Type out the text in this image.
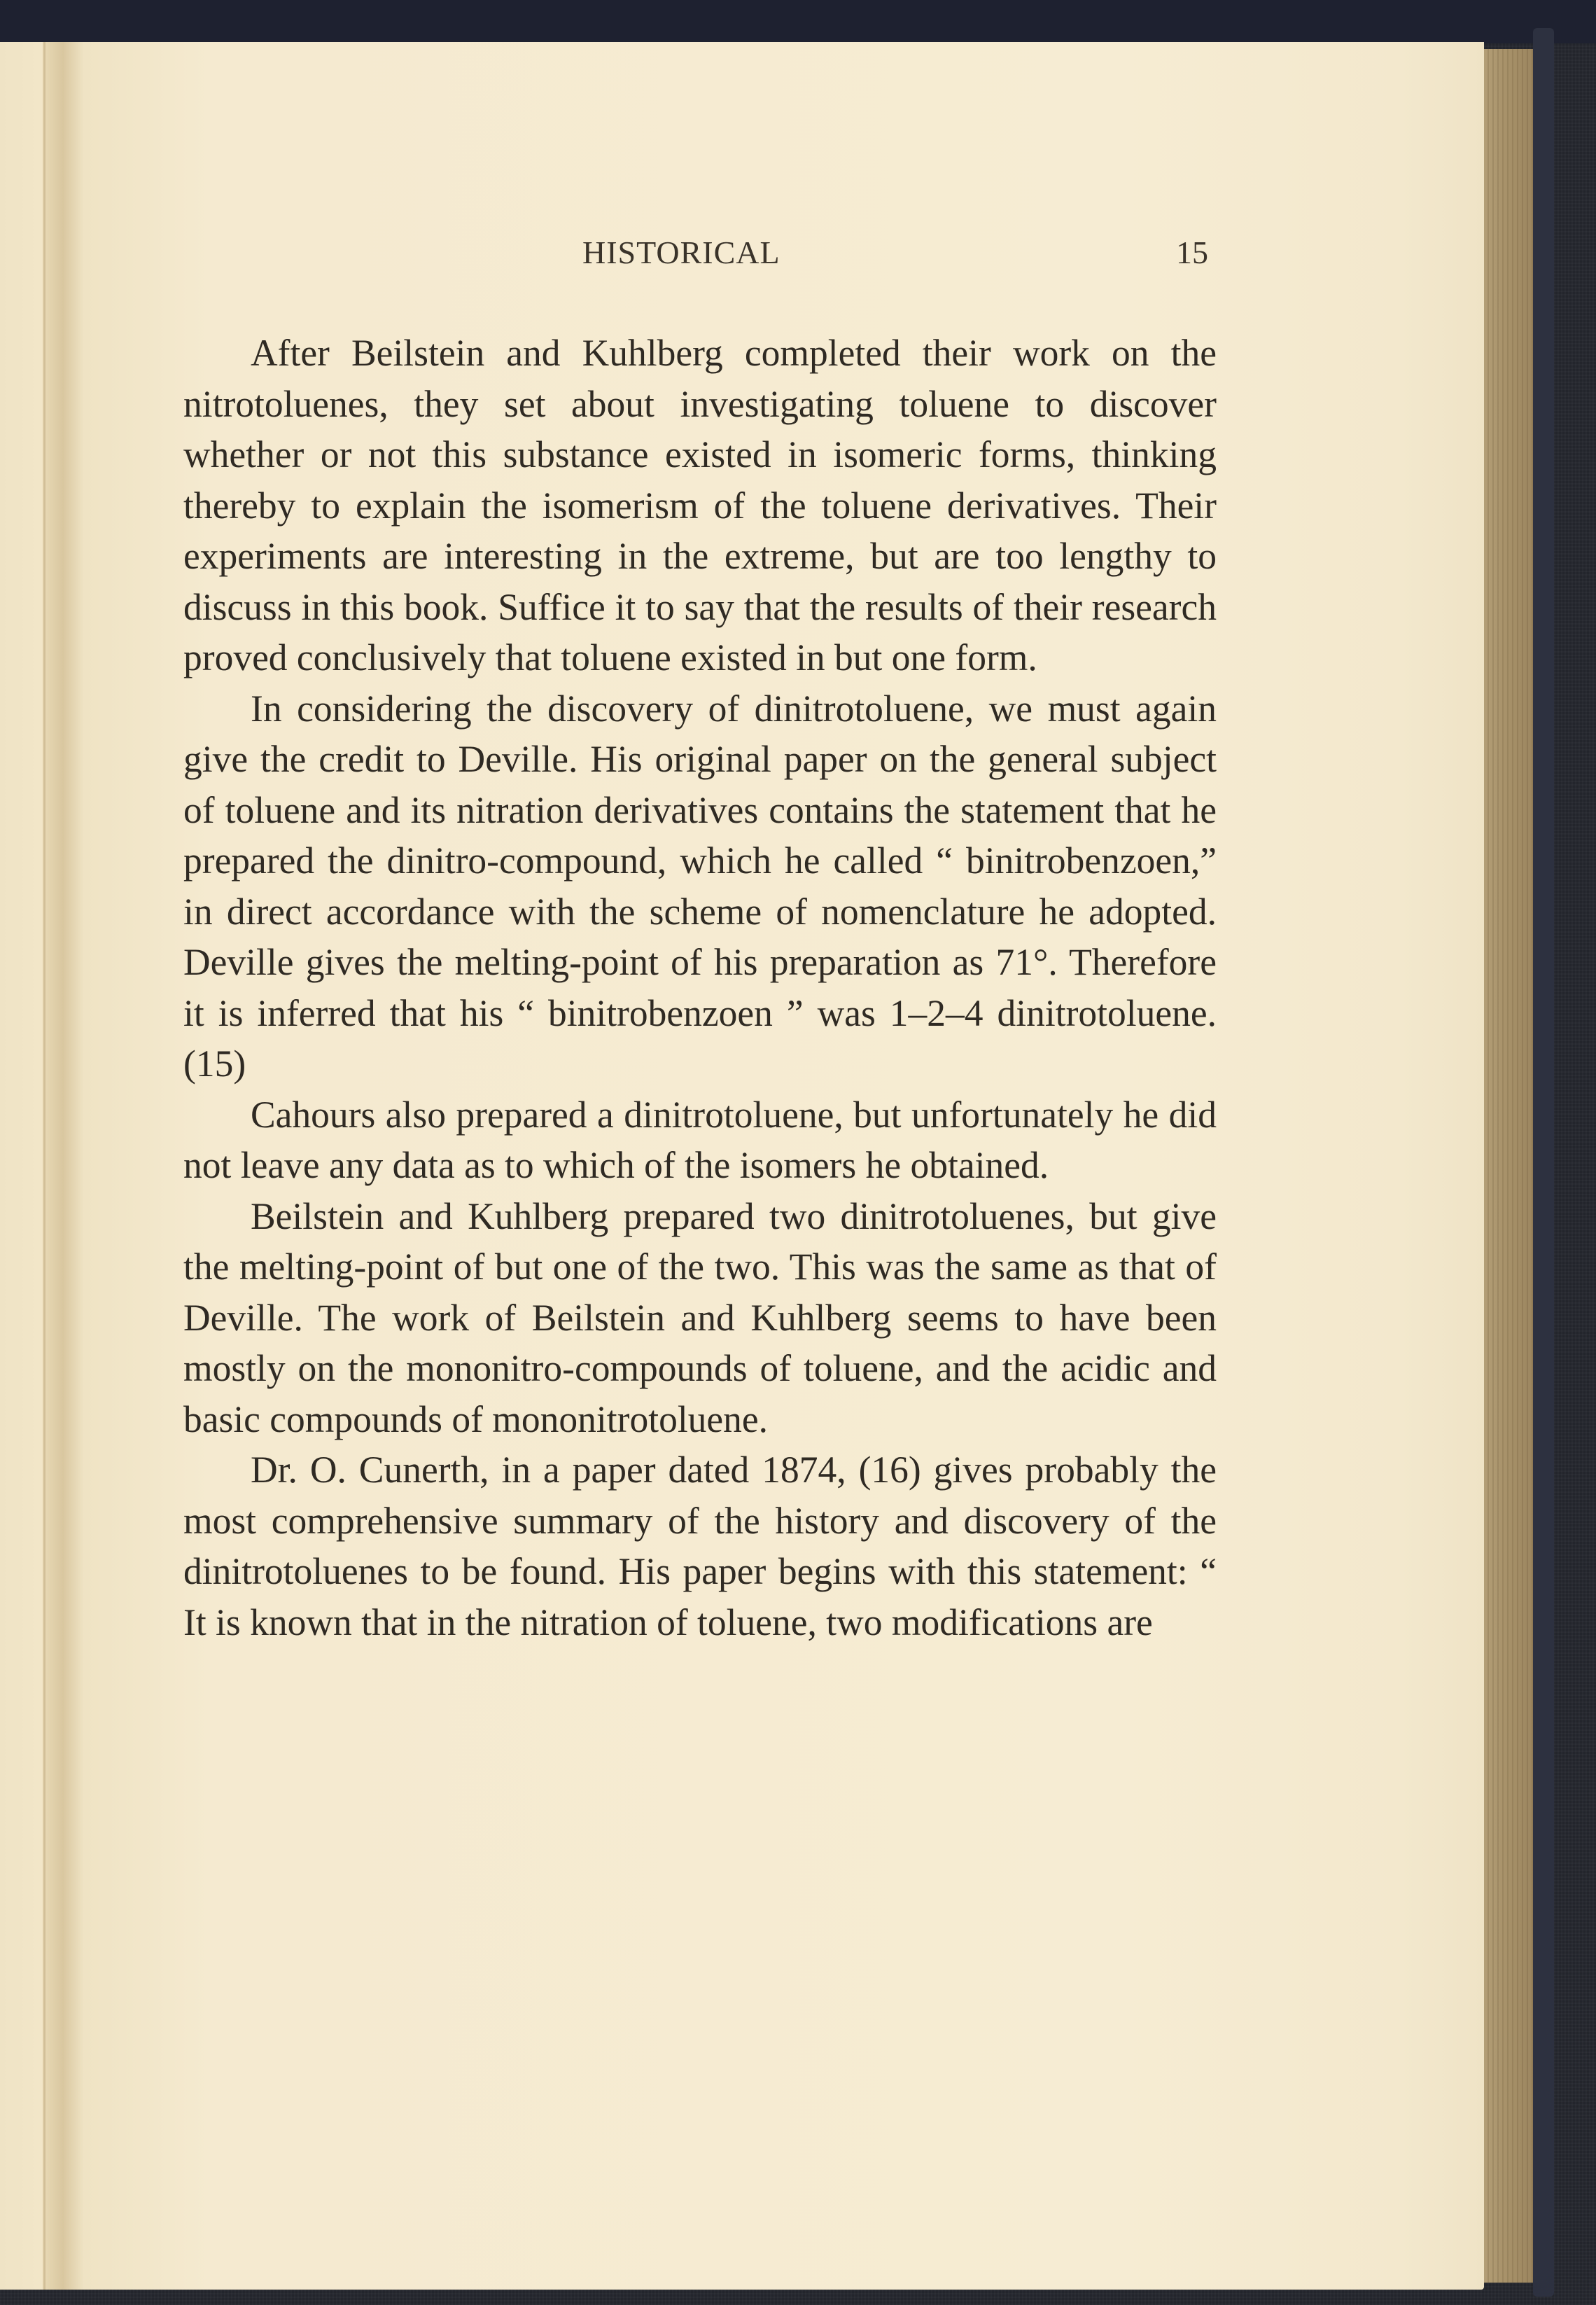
HISTORICAL	15

After Beilstein and Kuhlberg completed their work on the nitrotoluenes, they set about investigating toluene to discover whether or not this substance existed in isomeric forms, thinking thereby to explain the isomerism of the toluene derivatives. Their experiments are interesting in the extreme, but are too lengthy to discuss in this book. Suffice it to say that the results of their research proved conclusively that toluene existed in but one form.

In considering the discovery of dinitrotoluene, we must again give the credit to Deville. His original paper on the general subject of toluene and its nitration derivatives contains the statement that he prepared the dinitro-compound, which he called “ binitrobenzoen,” in direct accordance with the scheme of nomenclature he adopted. Deville gives the melting-point of his preparation as 71°. Therefore it is inferred that his “ binitrobenzoen ” was 1–2–4 dinitrotoluene. (15)

Cahours also prepared a dinitrotoluene, but unfortunately he did not leave any data as to which of the isomers he obtained.

Beilstein and Kuhlberg prepared two dinitrotoluenes, but give the melting-point of but one of the two. This was the same as that of Deville. The work of Beilstein and Kuhlberg seems to have been mostly on the mononitro-compounds of toluene, and the acidic and basic compounds of mononitrotoluene.

Dr. O. Cunerth, in a paper dated 1874, (16) gives probably the most comprehensive summary of the history and discovery of the dinitrotoluenes to be found. His paper begins with this statement: “ It is known that in the nitration of toluene, two modifications are
